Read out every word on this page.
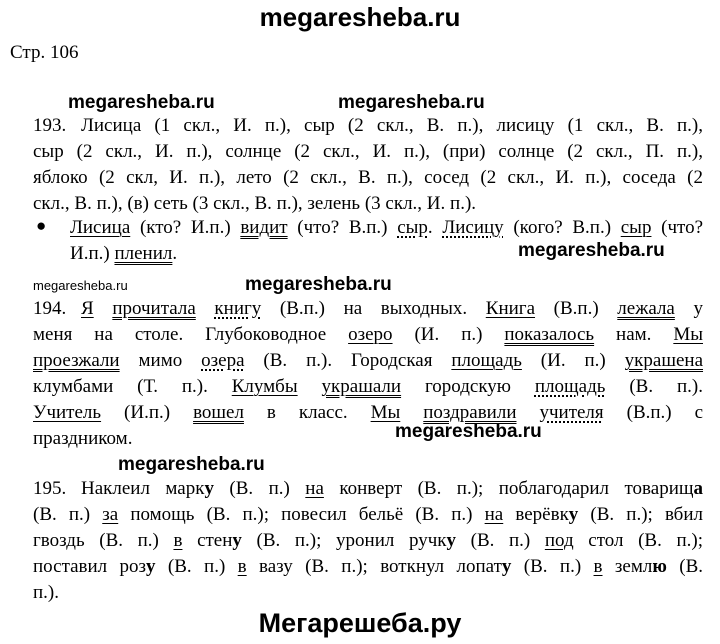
megaresheba.ru
Стр. 106
megaresheba.ru	megaresheba.ru
193. Лисица (1 скл., И. п.), сыр (2 скл., В. п.), лисицу (1 скл., В. п.),
сыр (2 скл., И. п.), солнце (2 скл., И. п.), (при) солнце (2 скл., П. п.),
яблоко (2 скл, И. п.), лето (2 скл., В. п.), сосед (2 скл., И. п.), соседа (2
скл., В. п.), (в) сеть (3 скл., В. п.), зелень (3 скл., И. п.).
● Лисица (кто? И.п.) видит (что? В.п.) сыр. Лисицу (кого? В.п.) сыр (что?
И.п.) пленил.	megaresheba.ru
megaresheba.ru	megaresheba.ru
194. Я прочитала книгу (В.п.) на выходных. Книга (В.п.) лежала у
меня на столе. Глубоководное озеро (И. п.) показалось нам. Мы
проезжали мимо озера (В. п.). Городская площадь (И. п.) украшена
клумбами (Т. п.). Клумбы украшали городскую площадь (В. п.).
Учитель (И.п.) вошел в класс. Мы поздравили учителя (В.п.) с
праздником.	megaresheba.ru
megaresheba.ru
195. Наклеил марку (В. п.) на конверт (В. п.); поблагодарил товарища
(В. п.) за помощь (В. п.); повесил бельё (В. п.) на верёвку (В. п.); вбил
гвоздь (В. п.) в стену (В. п.); уронил ручку (В. п.) под стол (В. п.);
поставил розу (В. п.) в вазу (В. п.); воткнул лопату (В. п.) в землю (В.
п.).
Мегарешеба.ру
